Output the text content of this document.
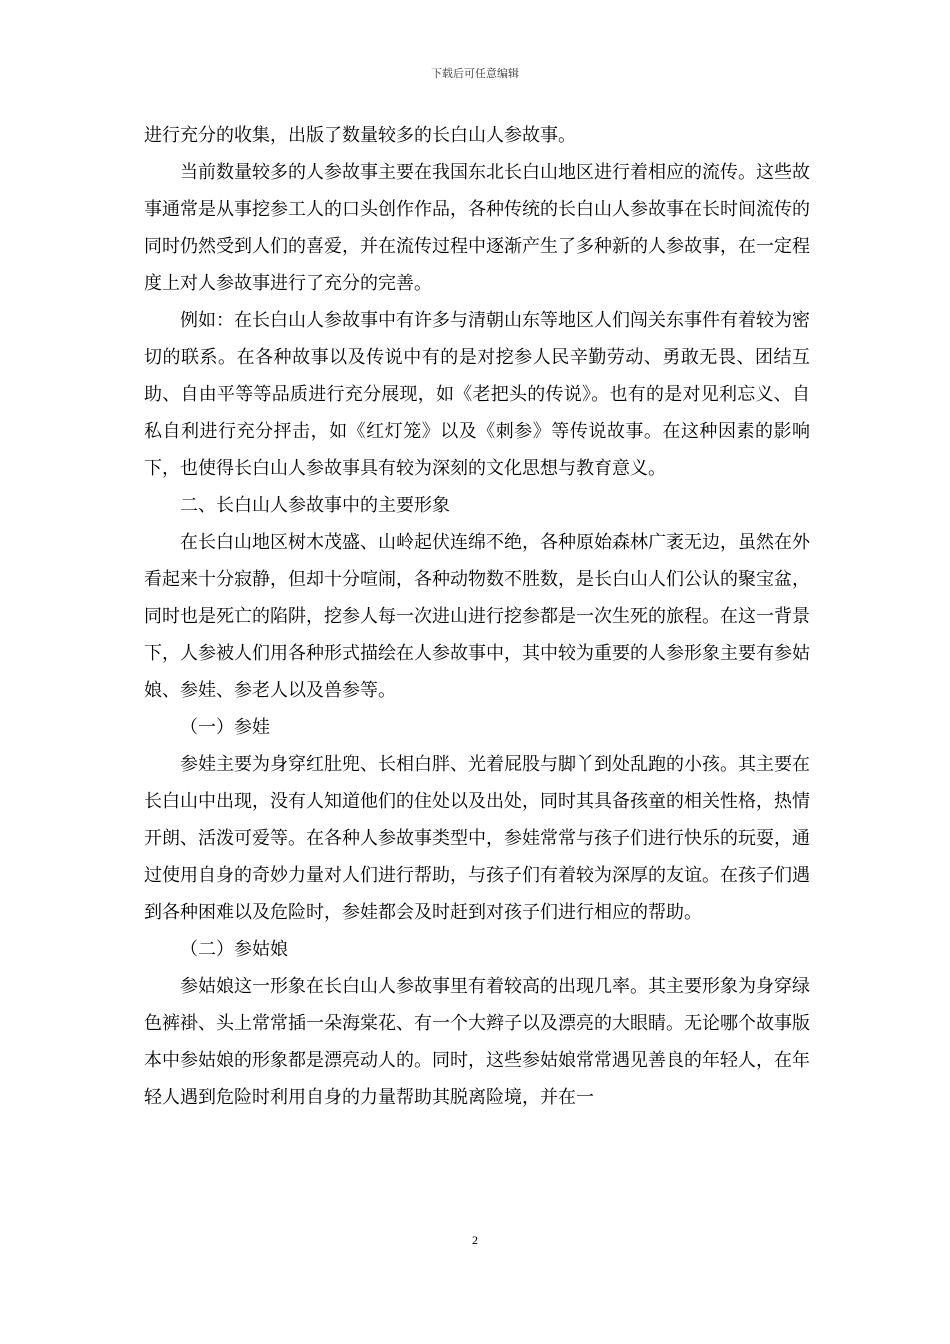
下载后可任意编辑

进行充分的收集，出版了数量较多的长白山人参故事。

当前数量较多的人参故事主要在我国东北长白山地区进行着相应的流传。这些故事通常是从事挖参工人的口头创作作品，各种传统的长白山人参故事在长时间流传的同时仍然受到人们的喜爱，并在流传过程中逐渐产生了多种新的人参故事，在一定程度上对人参故事进行了充分的完善。

例如：在长白山人参故事中有许多与清朝山东等地区人们闯关东事件有着较为密切的联系。在各种故事以及传说中有的是对挖参人民辛勤劳动、勇敢无畏、团结互助、自由平等等品质进行充分展现，如《老把头的传说》。也有的是对见利忘义、自私自利进行充分抨击，如《红灯笼》以及《刺参》等传说故事。在这种因素的影响下，也使得长白山人参故事具有较为深刻的文化思想与教育意义。

二、长白山人参故事中的主要形象

在长白山地区树木茂盛、山岭起伏连绵不绝，各种原始森林广袤无边，虽然在外看起来十分寂静，但却十分喧闹，各种动物数不胜数，是长白山人们公认的聚宝盆，同时也是死亡的陷阱，挖参人每一次进山进行挖参都是一次生死的旅程。在这一背景下，人参被人们用各种形式描绘在人参故事中，其中较为重要的人参形象主要有参姑娘、参娃、参老人以及兽参等。

（一）参娃

参娃主要为身穿红肚兜、长相白胖、光着屁股与脚丫到处乱跑的小孩。其主要在长白山中出现，没有人知道他们的住处以及出处，同时其具备孩童的相关性格，热情开朗、活泼可爱等。在各种人参故事类型中，参娃常常与孩子们进行快乐的玩耍，通过使用自身的奇妙力量对人们进行帮助，与孩子们有着较为深厚的友谊。在孩子们遇到各种困难以及危险时，参娃都会及时赶到对孩子们进行相应的帮助。

（二）参姑娘

参姑娘这一形象在长白山人参故事里有着较高的出现几率。其主要形象为身穿绿色裤褂、头上常常插一朵海棠花、有一个大辫子以及漂亮的大眼睛。无论哪个故事版本中参姑娘的形象都是漂亮动人的。同时，这些参姑娘常常遇见善良的年轻人，在年轻人遇到危险时利用自身的力量帮助其脱离险境，并在一

2
